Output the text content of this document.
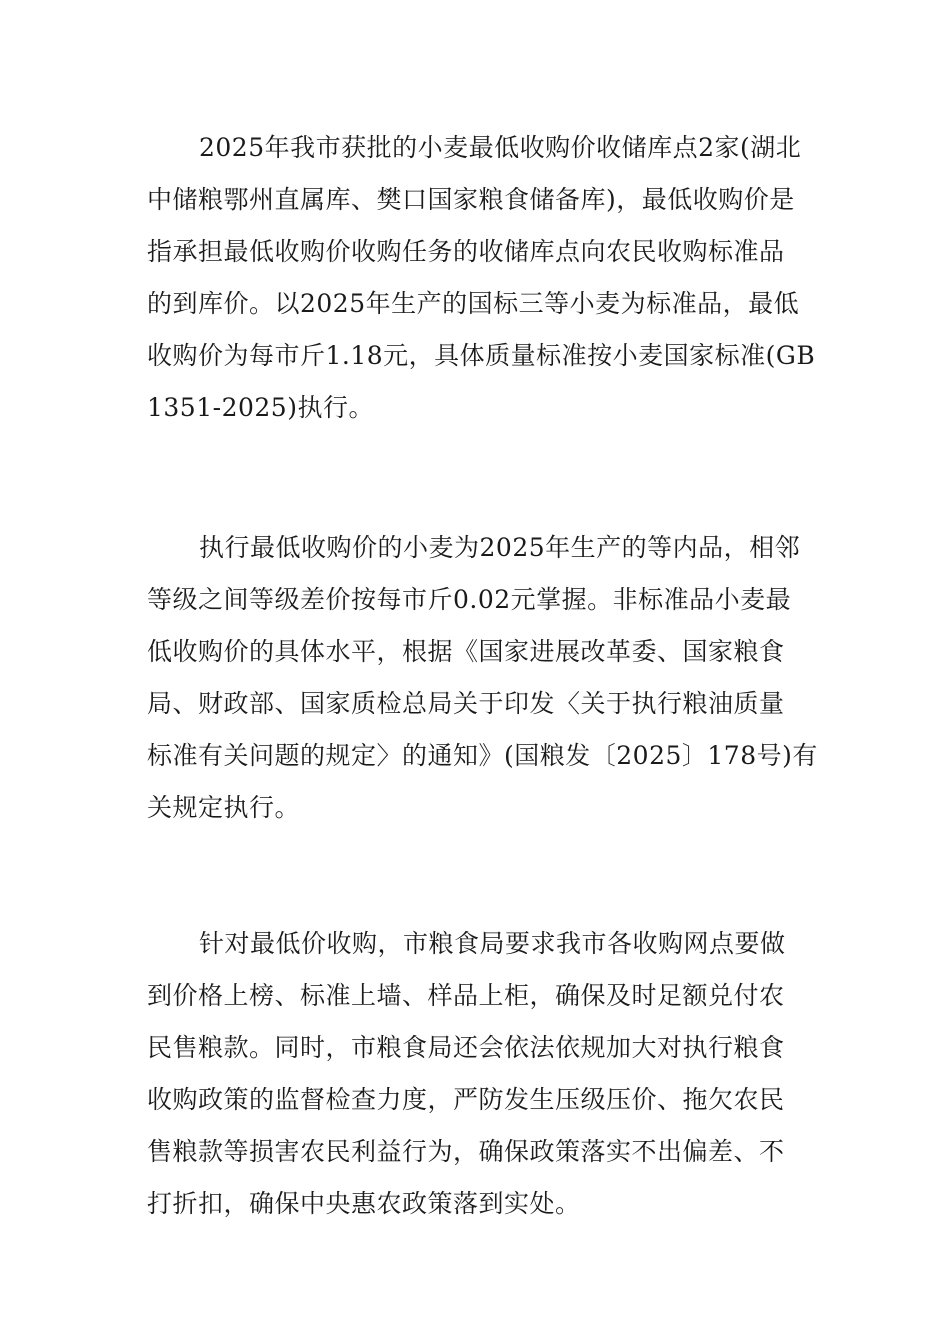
2025年我市获批的小麦最低收购价收储库点2家(湖北
中储粮鄂州直属库、樊口国家粮食储备库)，最低收购价是
指承担最低收购价收购任务的收储库点向农民收购标准品
的到库价。以2025年生产的国标三等小麦为标准品，最低
收购价为每市斤1.18元，具体质量标准按小麦国家标准(GB
1351-2025)执行。
执行最低收购价的小麦为2025年生产的等内品，相邻
等级之间等级差价按每市斤0.02元掌握。非标准品小麦最
低收购价的具体水平，根据《国家进展改革委、国家粮食
局、财政部、国家质检总局关于印发〈关于执行粮油质量
标准有关问题的规定〉的通知》(国粮发〔2025〕178号)有
关规定执行。
针对最低价收购，市粮食局要求我市各收购网点要做
到价格上榜、标准上墙、样品上柜，确保及时足额兑付农
民售粮款。同时，市粮食局还会依法依规加大对执行粮食
收购政策的监督检查力度，严防发生压级压价、拖欠农民
售粮款等损害农民利益行为，确保政策落实不出偏差、不
打折扣，确保中央惠农政策落到实处。
